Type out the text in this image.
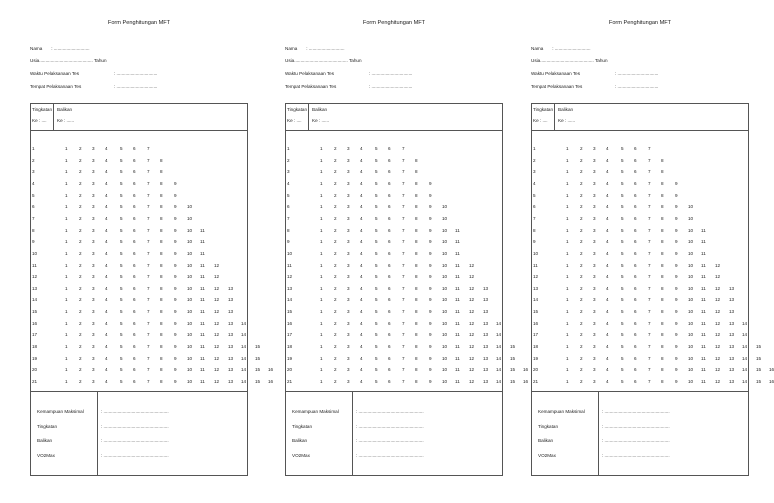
Form Penghitungan MFT
Nama       : ............................
Usia.......................................... Tahun
Waktu Pelaksanaan Tes	: ................................
Tempat Pelaksanaan Tes	: ................................
Tingkatan Balikan
Ke : .... Ke : ......
1	1 2 3 4	5 6 7
2	1 2 3 4	5 6 7 8
3	1 2 3 4	5 6 7 8
4	1 2 3 4	5 6 7 8 9
5	1 2 3 4	5 6 7 8 9
6	1 2 3 4	5 6 7 8 9 10
7	1 2 3 4	5 6 7 8 9 10
8	1 2 3 4	5 6 7 8 9 10 11
9	1 2 3 4	5 6 7 8 9 10 11
10	1 2 3 4	5 6 7 8 9 10 11
11	1 2 3 4	5 6 7 8 9 10 11 12
12	1 2 3 4	5 6 7 8 9 10 11 12
13	1 2 3 4	5 6 7 8 9 10 11 12 13
14	1 2 3 4	5 6 7 8 9 10 11 12 13
15	1 2 3 4	5 6 7 8 9 10 11 12 13
16	1 2 3 4	5 6 7 8 9 10 11 12 13 14
17	1 2 3 4	5 6 7 8 9 10 11 12 13 14
18	1 2 3 4	5 6 7 8 9 10 11 12 13 14 15
19	1 2 3 4	5 6 7 8 9 10 11 12 13 14 15
20	1 2 3 4	5 6 7 8 9 10 11 12 13 14 15 16
21	1 2 3 4	5 6 7 8 9 10 11 12 13 14 15 16
Kemampuan Maksimal	: ...................................................
Tingkatan	: ...................................................
Balikan	: ...................................................
VO2Max	: ...................................................
Form Penghitungan MFT
Nama       : ............................
Usia.......................................... Tahun
Waktu Pelaksanaan Tes	: ................................
Tempat Pelaksanaan Tes	: ................................
Tingkatan Balikan
Ke : .... Ke : ......
1	1 2 3 4	5 6 7
2	1 2 3 4	5 6 7 8
3	1 2 3 4	5 6 7 8
4	1 2 3 4	5 6 7 8 9
5	1 2 3 4	5 6 7 8 9
6	1 2 3 4	5 6 7 8 9 10
7	1 2 3 4	5 6 7 8 9 10
8	1 2 3 4	5 6 7 8 9 10 11
9	1 2 3 4	5 6 7 8 9 10 11
10	1 2 3 4	5 6 7 8 9 10 11
11	1 2 3 4	5 6 7 8 9 10 11 12
12	1 2 3 4	5 6 7 8 9 10 11 12
13	1 2 3 4	5 6 7 8 9 10 11 12 13
14	1 2 3 4	5 6 7 8 9 10 11 12 13
15	1 2 3 4	5 6 7 8 9 10 11 12 13
16	1 2 3 4	5 6 7 8 9 10 11 12 13 14
17	1 2 3 4	5 6 7 8 9 10 11 12 13 14
18	1 2 3 4	5 6 7 8 9 10 11 12 13 14 15
19	1 2 3 4	5 6 7 8 9 10 11 12 13 14 15
20	1 2 3 4	5 6 7 8 9 10 11 12 13 14 15 16
21	1 2 3 4	5 6 7 8 9 10 11 12 13 14 15 16
Kemampuan Maksimal	: ...................................................
Tingkatan	: ...................................................
Balikan	: ...................................................
VO2Max	: ...................................................
Form Penghitungan MFT
Nama       : ............................
Usia.......................................... Tahun
Waktu Pelaksanaan Tes	: ................................
Tempat Pelaksanaan Tes	: ................................
Tingkatan Balikan
Ke : .... Ke : ......
1	1 2 3 4	5 6 7
2	1 2 3 4	5 6 7 8
3	1 2 3 4	5 6 7 8
4	1 2 3 4	5 6 7 8 9
5	1 2 3 4	5 6 7 8 9
6	1 2 3 4	5 6 7 8 9 10
7	1 2 3 4	5 6 7 8 9 10
8	1 2 3 4	5 6 7 8 9 10 11
9	1 2 3 4	5 6 7 8 9 10 11
10	1 2 3 4	5 6 7 8 9 10 11
11	1 2 3 4	5 6 7 8 9 10 11 12
12	1 2 3 4	5 6 7 8 9 10 11 12
13	1 2 3 4	5 6 7 8 9 10 11 12 13
14	1 2 3 4	5 6 7 8 9 10 11 12 13
15	1 2 3 4	5 6 7 8 9 10 11 12 13
16	1 2 3 4	5 6 7 8 9 10 11 12 13 14
17	1 2 3 4	5 6 7 8 9 10 11 12 13 14
18	1 2 3 4	5 6 7 8 9 10 11 12 13 14 15
19	1 2 3 4	5 6 7 8 9 10 11 12 13 14 15
20	1 2 3 4	5 6 7 8 9 10 11 12 13 14 15 16
21	1 2 3 4	5 6 7 8 9 10 11 12 13 14 15 16
Kemampuan Maksimal	: ...................................................
Tingkatan	: ...................................................
Balikan	: ...................................................
VO2Max	: ...................................................
